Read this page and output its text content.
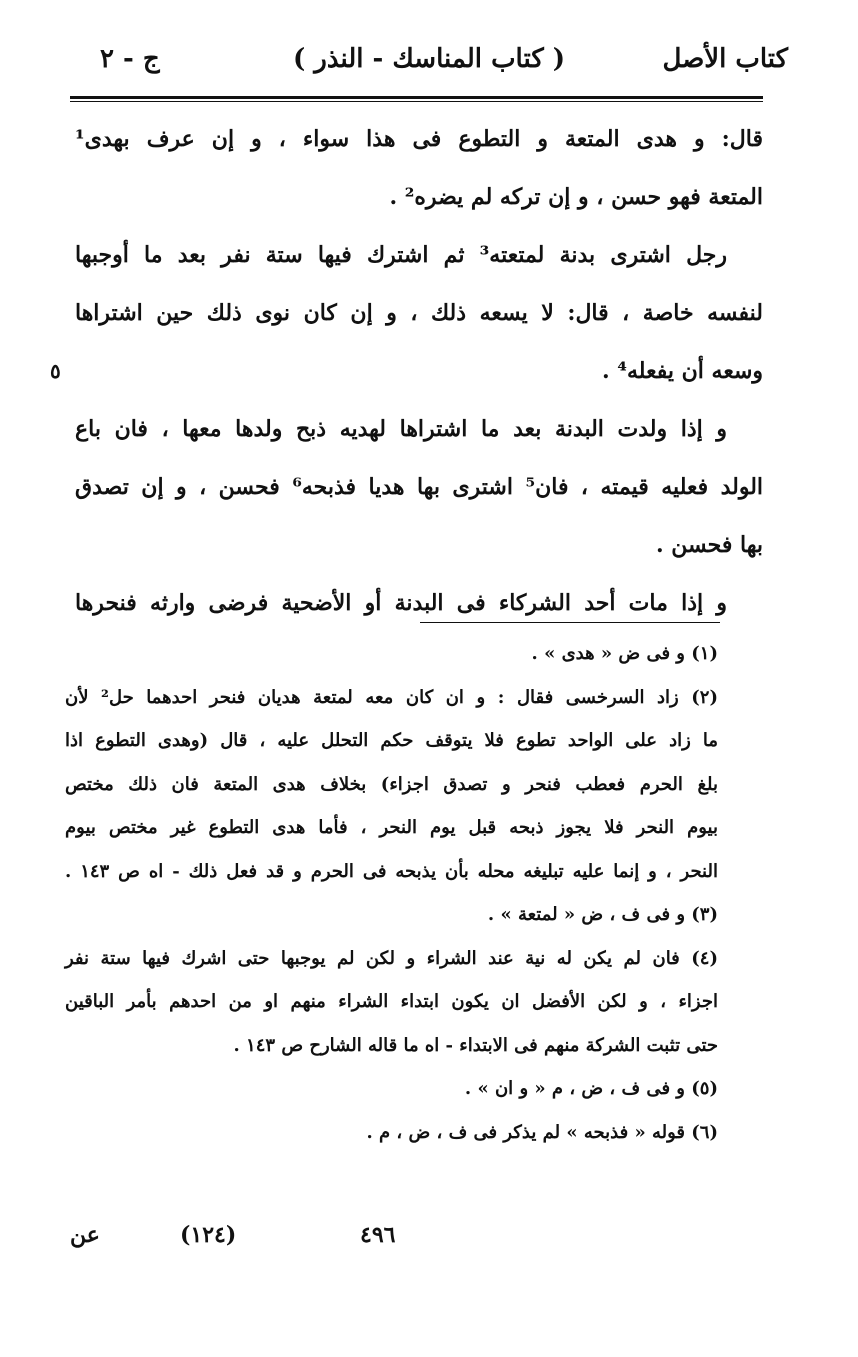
كتاب الأصل
( كتاب المناسك - النذر )
ج - ٢
قال: و هدى المتعة و التطوع فى هذا سواء ، و إن عرف بهدى¹
المتعة فهو حسن ، و إن تركه لم يضره² .
رجل اشترى بدنة لمتعته³ ثم اشترك فيها ستة نفر بعد ما أوجبها
لنفسه خاصة ، قال: لا يسعه ذلك ، و إن كان نوى ذلك حين اشتراها
وسعه أن يفعله⁴ .
٥
و إذا ولدت البدنة بعد ما اشتراها لهديه ذبح ولدها معها ، فان باع
الولد فعليه قيمته ، فان⁵ اشترى بها هديا فذبحه⁶ فحسن ، و إن تصدق
بها فحسن .
و إذا مات أحد الشركاء فى البدنة أو الأضحية فرضى وارثه فنحرها
(١) و فى ض « هدى » .
(٢) زاد السرخسى فقال : و ان كان معه لمتعة هديان فنحر احدهما حل² لأن
ما زاد على الواحد تطوع فلا يتوقف حكم التحلل عليه ، قال (وهدى التطوع اذا
بلغ الحرم فعطب فنحر و تصدق اجزاء) بخلاف هدى المتعة فان ذلك مختص
بيوم النحر فلا يجوز ذبحه قبل يوم النحر ، فأما هدى التطوع غير مختص بيوم
النحر ، و إنما عليه تبليغه محله بأن يذبحه فى الحرم و قد فعل ذلك - اه ص ١٤٣ .
(٣) و فى ف ، ض « لمتعة » .
(٤) فان لم يكن له نية عند الشراء و لكن لم يوجبها حتى اشرك فيها ستة نفر
اجزاء ، و لكن الأفضل ان يكون ابتداء الشراء منهم او من احدهم بأمر الباقين
حتى تثبت الشركة منهم فى الابتداء - اه ما قاله الشارح ص ١٤٣ .
(٥) و فى ف ، ض ، م « و ان » .
(٦) قوله « فذبحه » لم يذكر فى ف ، ض ، م .
٤٩٦
(١٢٤)
عن
